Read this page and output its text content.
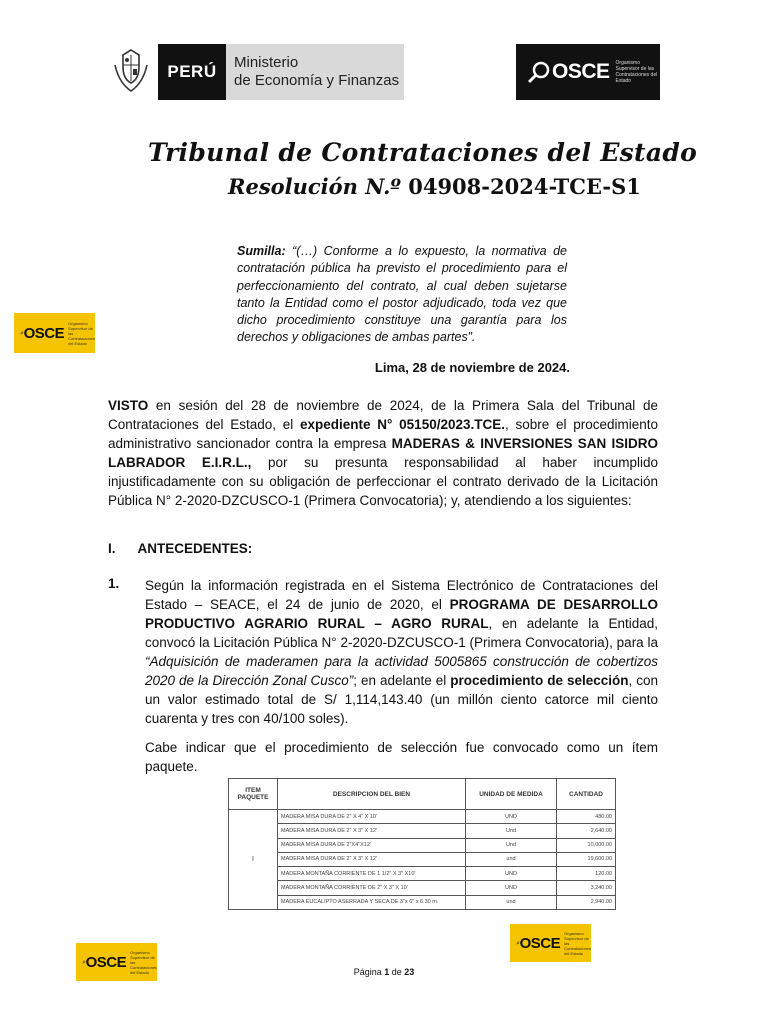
PERÚ	Ministerio
de Economía y Finanzas	OSCE Organismo Supervisor de las Contrataciones del Estado
OSCE
Organismo Supervisor de las Contrataciones del Estado
Tribunal de Contrataciones del Estado
Resolución N.º 04908-2024-TCE-S1
Sumilla: “(…) Conforme a lo expuesto, la normativa de contratación pública ha previsto el procedimiento para el perfeccionamiento del contrato, al cual deben sujetarse tanto la Entidad como el postor adjudicado, toda vez que dicho procedimiento constituye una garantía para los derechos y obligaciones de ambas partes”.
Lima, 28 de noviembre de 2024.
VISTO en sesión del 28 de noviembre de 2024, de la Primera Sala del Tribunal de Contrataciones del Estado, el expediente N° 05150/2023.TCE., sobre el procedimiento administrativo sancionador contra la empresa MADERAS & INVERSIONES SAN ISIDRO LABRADOR E.I.R.L., por su presunta responsabilidad al haber incumplido injustificadamente con su obligación de perfeccionar el contrato derivado de la Licitación Pública N° 2-2020-DZCUSCO-1 (Primera Convocatoria); y, atendiendo a los siguientes:
I. ANTECEDENTES:
1. Según la información registrada en el Sistema Electrónico de Contrataciones del Estado – SEACE, el 24 de junio de 2020, el PROGRAMA DE DESARROLLO PRODUCTIVO AGRARIO RURAL – AGRO RURAL, en adelante la Entidad, convocó la Licitación Pública N° 2-2020-DZCUSCO-1 (Primera Convocatoria), para la “Adquisición de maderamen para la actividad 5005865 construcción de cobertizos 2020 de la Dirección Zonal Cusco”; en adelante el procedimiento de selección, con un valor estimado total de S/ 1,114,143.40 (un millón ciento catorce mil ciento cuarenta y tres con 40/100 soles).
Cabe indicar que el procedimiento de selección fue convocado como un ítem paquete.
ITEM PAQUETE	DESCRIPCION DEL BIEN	UNIDAD DE MEDIDA	CANTIDAD
I	MADERA MISA DURA DE 2" X 4" X 10'	UND	480.00
	MADERA MISA DURA DE 2" X 3" X 12'	Und	2,640.00
	MADERA MISA DURA DE 2"X4"X12'	Und	10,000.00
	MADERA MISA DURA DE 2" X 3" X 12'	und	19,600.00
	MADERA MONTAÑA CORRIENTE DE 1 1/2" X 3" X10'	UND	120.00
	MADERA MONTAÑA CORRIENTE DE 2" X 3" X 10'	UND	3,240.00
	MADERA EUCALIPTO ASERRADA Y SECA DE 3"x 6" x 6.30 m.	und	2,940.00
OSCE
Organismo Supervisor de las Contrataciones del Estado
OSCE
Organismo Supervisor de las Contrataciones del Estado	Página 1 de 23
